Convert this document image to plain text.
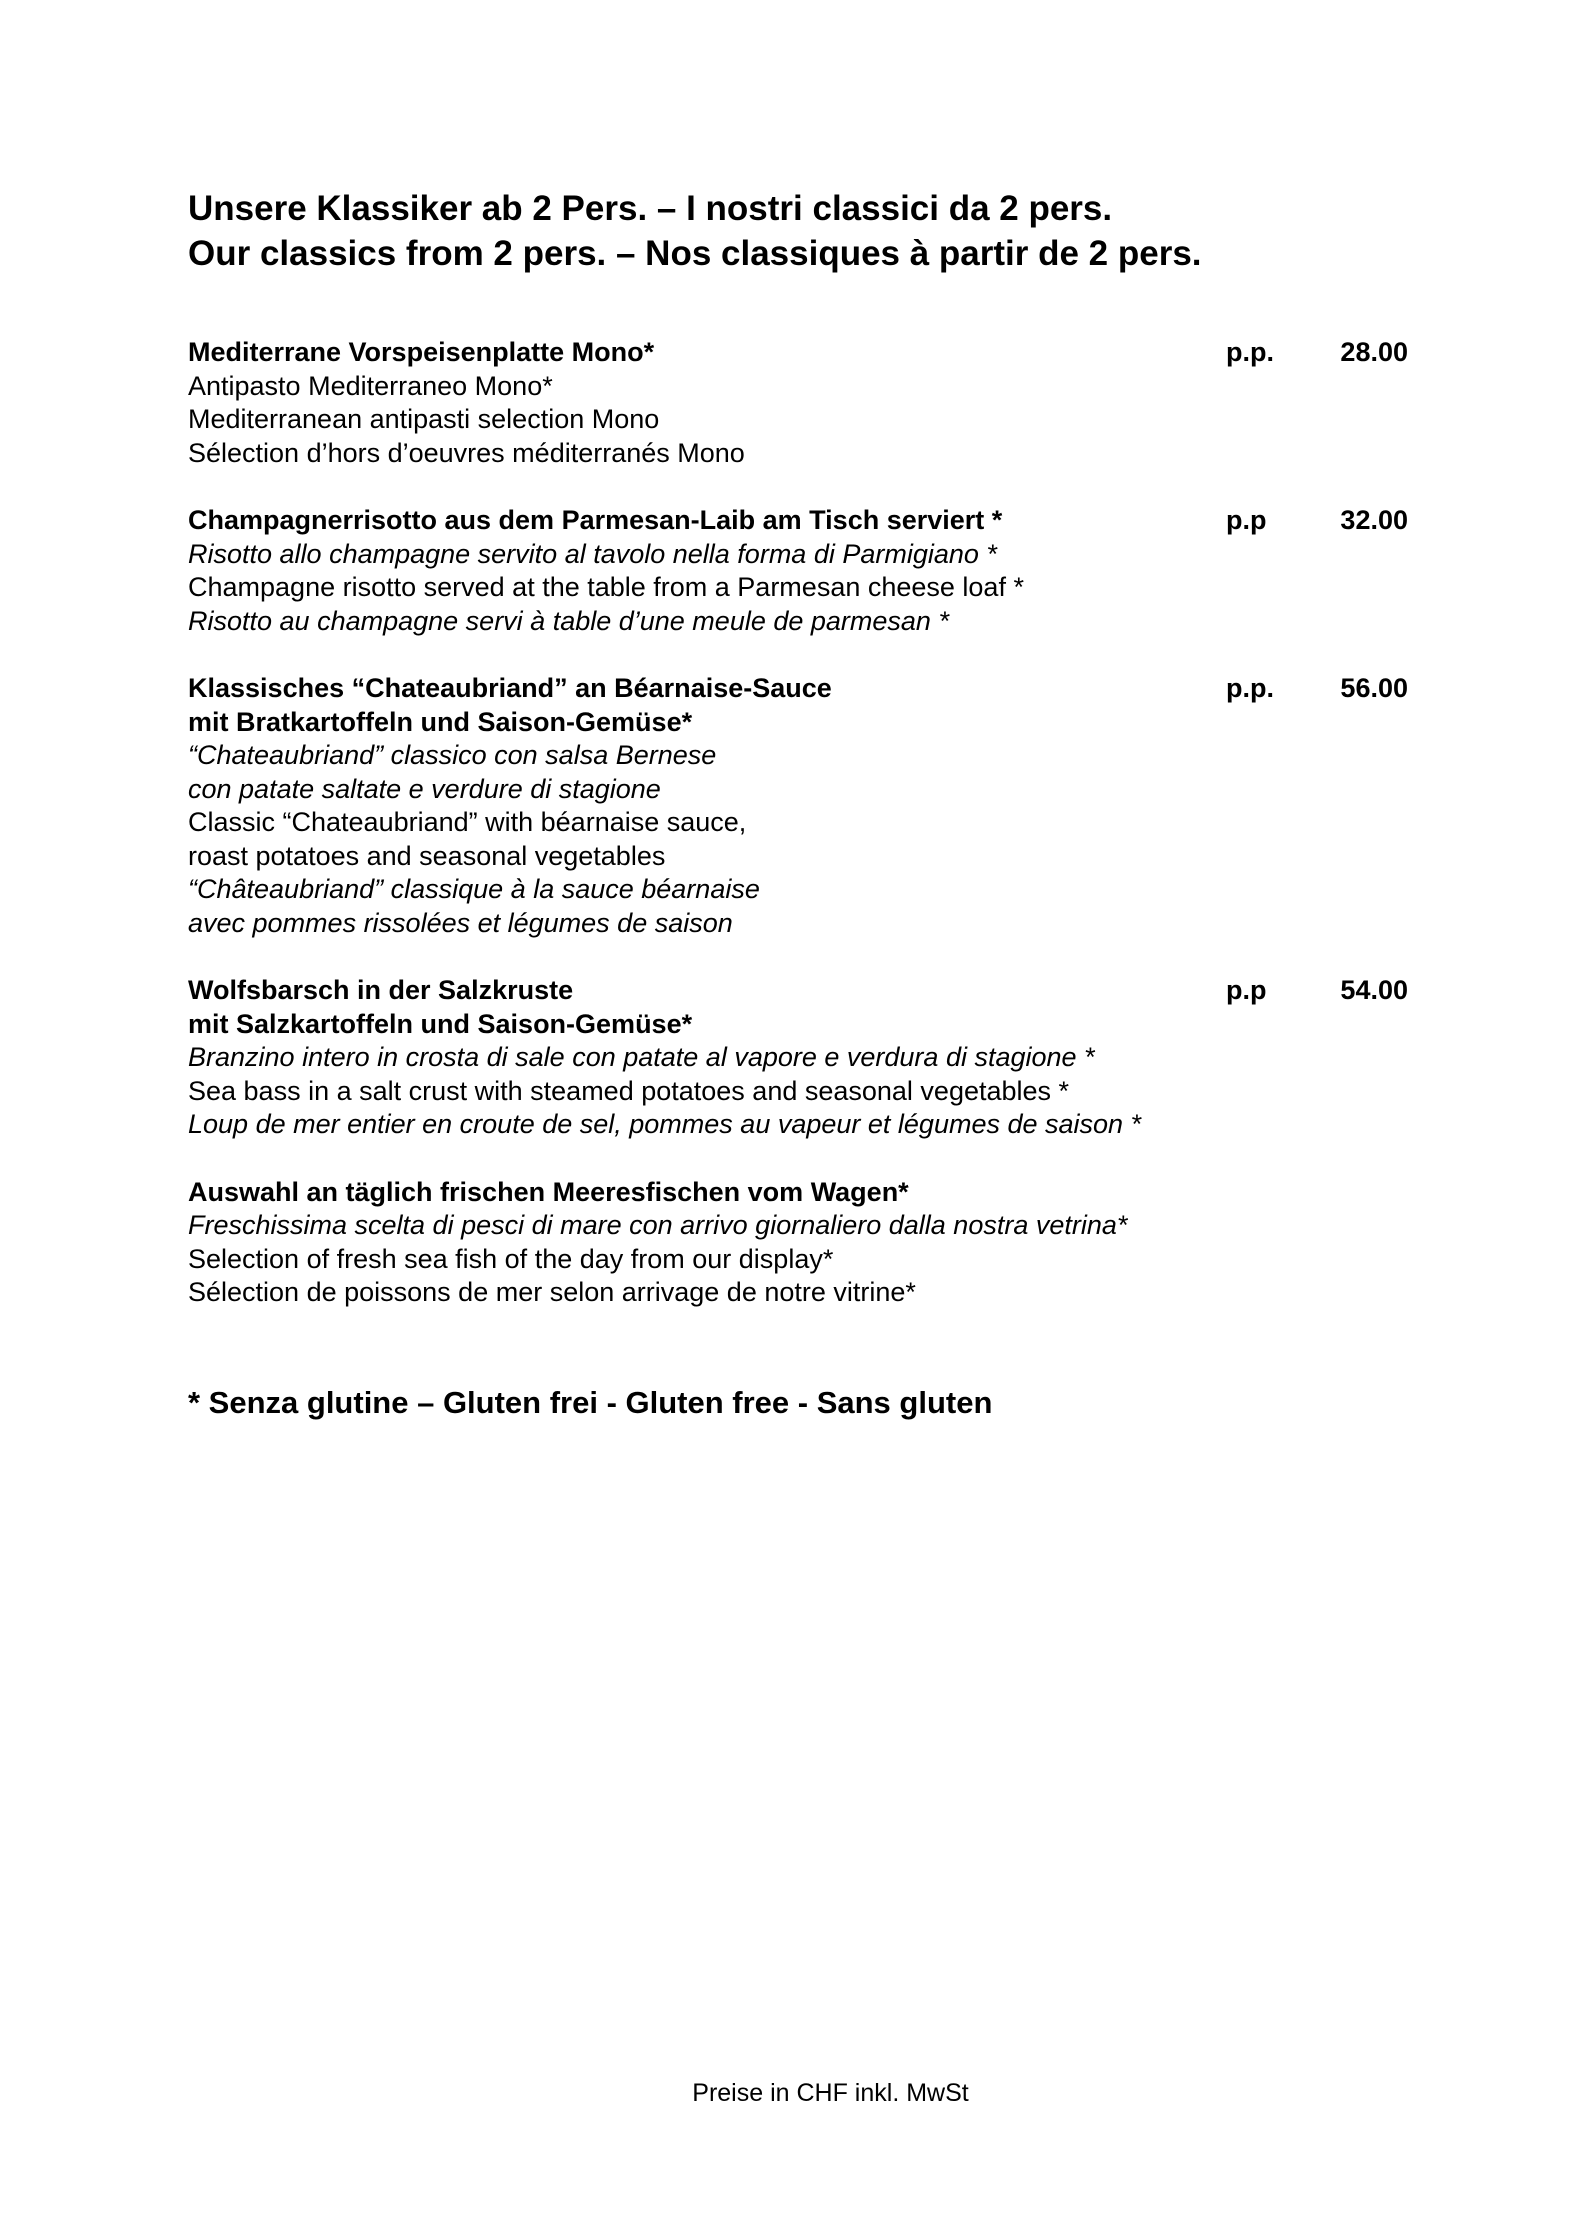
Unsere Klassiker ab 2 Pers. – I nostri classici da 2 pers.
Our classics from 2 pers. – Nos classiques à partir de 2 pers.
p.p. 28.00
Mediterrane Vorspeisenplatte Mono*
Antipasto Mediterraneo Mono*
Mediterranean antipasti selection Mono
Sélection d’hors d’oeuvres méditerranés Mono
p.p	32.00
Champagnerrisotto aus dem Parmesan-Laib am Tisch serviert *
Risotto allo champagne servito al tavolo nella forma di Parmigiano *
Champagne risotto served at the table from a Parmesan cheese loaf *
Risotto au champagne servi à table d’une meule de parmesan *
p.p. 56.00
Klassisches “Chateaubriand” an Béarnaise-Sauce
mit Bratkartoffeln und Saison-Gemüse*
“Chateaubriand” classico con salsa Bernese
con patate saltate e verdure di stagione
Classic “Chateaubriand” with béarnaise sauce,
roast potatoes and seasonal vegetables
“Châteaubriand” classique à la sauce béarnaise
avec pommes rissolées et légumes de saison
p.p	54.00
Wolfsbarsch in der Salzkruste
mit Salzkartoffeln und Saison-Gemüse*
Branzino intero in crosta di sale con patate al vapore e verdura di stagione *
Sea bass in a salt crust with steamed potatoes and seasonal vegetables *
Loup de mer entier en croute de sel, pommes au vapeur et légumes de saison *
Auswahl an täglich frischen Meeresfischen vom Wagen*
Freschissima scelta di pesci di mare con arrivo giornaliero dalla nostra vetrina*
Selection of fresh sea fish of the day from our display*
Sélection de poissons de mer selon arrivage de notre vitrine*
* Senza glutine – Gluten frei - Gluten free - Sans gluten
Preise in CHF inkl. MwSt
